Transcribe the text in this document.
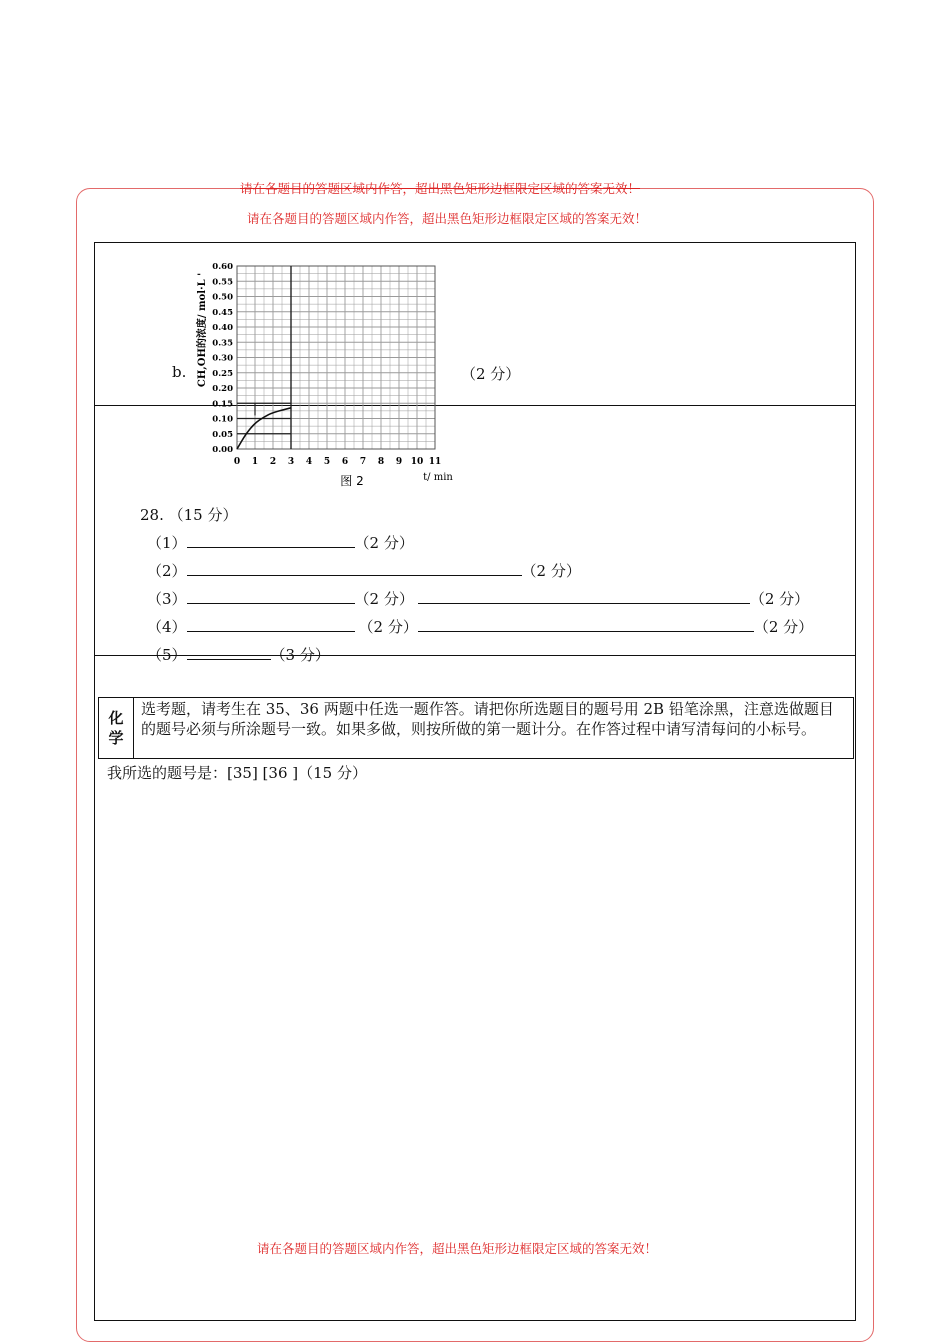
请在各题目的答题区域内作答，超出黑色矩形边框限定区域的答案无效！
请在各题目的答题区域内作答，超出黑色矩形边框限定区域的答案无效！
b.	（2 分）
0.00
0.05
0.10
0.15
0.20
0.25
0.30
0.35
0.40
0.45
0.50
0.55
0.60
0 1 2 3 4 5 6 7 8 9 10 11
t/ min
图 2
CH,OH的浓度/ mol·L '
28. （15 分）
（1）	（2 分）
（2）	（2 分）
（3）	（2 分）	（2 分）
（4）	（2 分）	（2 分）
（5）	（3 分）
化
学
选考题，请考生在 35、36 两题中任选一题作答。请把你所选题目的题号用 2B 铅笔涂黑，注意选做题目的题号必须与所涂题号一致。如果多做，则按所做的第一题计分。在作答过程中请写清每问的小标号。
我所选的题号是：[35] [36 ]（15 分）
请在各题目的答题区域内作答，超出黑色矩形边框限定区域的答案无效！
